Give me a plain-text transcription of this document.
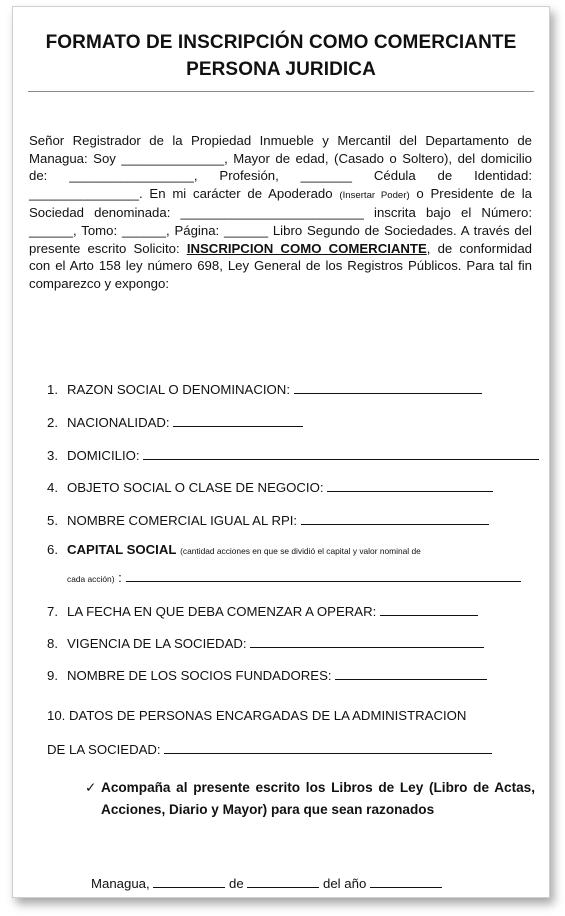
FORMATO DE INSCRIPCIÓN COMO COMERCIANTE
PERSONA JURIDICA

Señor Registrador de la Propiedad Inmueble y Mercantil del Departamento de Managua: Soy ______________, Mayor de edad, (Casado o Soltero), del domicilio de: _________________, Profesión, _______ Cédula de Identidad: _______________. En mi carácter de Apoderado (Insertar Poder) o Presidente de la Sociedad denominada: _________________________ inscrita bajo el Número: ______, Tomo: ______, Página: ______ Libro Segundo de Sociedades. A través del presente escrito Solicito: INSCRIPCION COMO COMERCIANTE, de conformidad con el Arto 158 ley número 698, Ley General de los Registros Públicos. Para tal fin comparezco y expongo:

1. RAZON SOCIAL O DENOMINACION:
2. NACIONALIDAD:
3. DOMICILIO:
4. OBJETO SOCIAL O CLASE DE NEGOCIO:
5. NOMBRE COMERCIAL IGUAL AL RPI:
6. CAPITAL SOCIAL (cantidad acciones en que se dividió el capital y valor nominal de
cada acción) :
7. LA FECHA EN QUE DEBA COMENZAR A OPERAR:
8. VIGENCIA DE LA SOCIEDAD:
9. NOMBRE DE LOS SOCIOS FUNDADORES:
10. DATOS DE PERSONAS ENCARGADAS DE LA ADMINISTRACION
DE LA SOCIEDAD:
✓ Acompaña al presente escrito los Libros de Ley (Libro de Actas, Acciones, Diario y Mayor) para que sean razonados
Managua,	de	del año
